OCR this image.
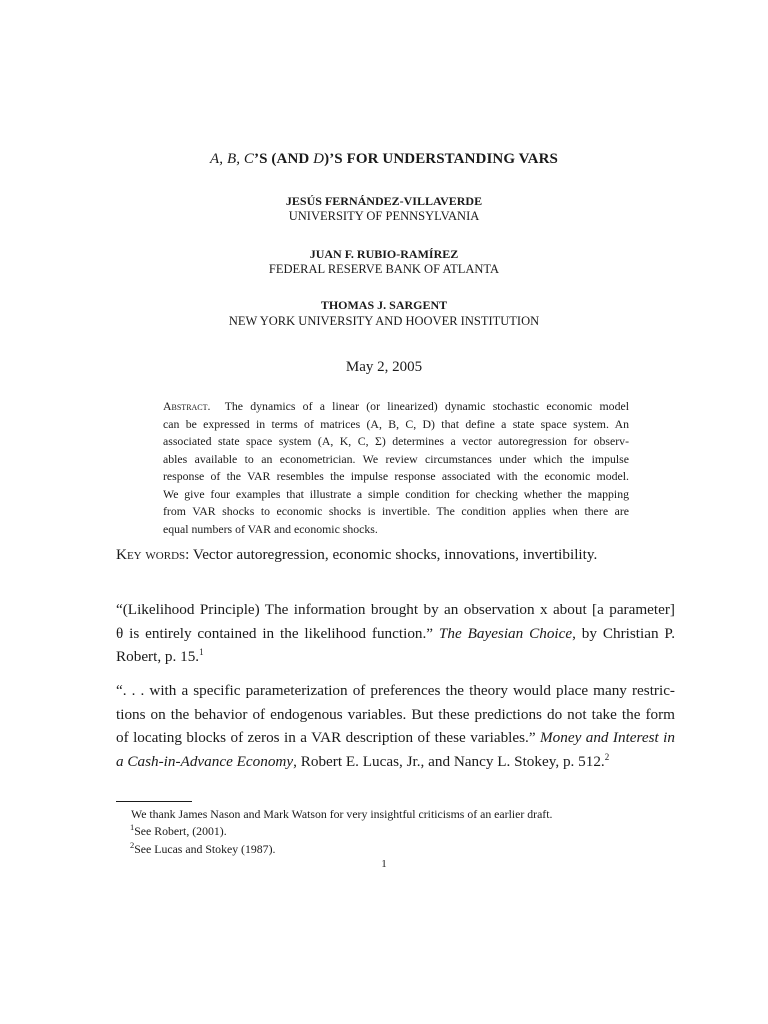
A, B, C’S (AND D)’S FOR UNDERSTANDING VARS
JESÚS FERNÁNDEZ-VILLAVERDE
UNIVERSITY OF PENNSYLVANIA
JUAN F. RUBIO-RAMÍREZ
FEDERAL RESERVE BANK OF ATLANTA
THOMAS J. SARGENT
NEW YORK UNIVERSITY AND HOOVER INSTITUTION
May 2, 2005
Abstract. The dynamics of a linear (or linearized) dynamic stochastic economic model
can be expressed in terms of matrices (A, B, C, D) that define a state space system. An
associated state space system (A, K, C, Σ) determines a vector autoregression for observ-
ables available to an econometrician. We review circumstances under which the impulse
response of the VAR resembles the impulse response associated with the economic model.
We give four examples that illustrate a simple condition for checking whether the mapping
from VAR shocks to economic shocks is invertible. The condition applies when there are
equal numbers of VAR and economic shocks.
Key words: Vector autoregression, economic shocks, innovations, invertibility.
“(Likelihood Principle) The information brought by an observation x about [a parameter]
θ is entirely contained in the likelihood function.” The Bayesian Choice, by Christian P.
Robert, p. 15.$^1$
“. . . with a specific parameterization of preferences the theory would place many restric-
tions on the behavior of endogenous variables. But these predictions do not take the form
of locating blocks of zeros in a VAR description of these variables.” Money and Interest in
a Cash-in-Advance Economy, Robert E. Lucas, Jr., and Nancy L. Stokey, p. 512.$^2$
We thank James Nason and Mark Watson for very insightful criticisms of an earlier draft.
$^1$See Robert, (2001).
$^2$See Lucas and Stokey (1987).
1
